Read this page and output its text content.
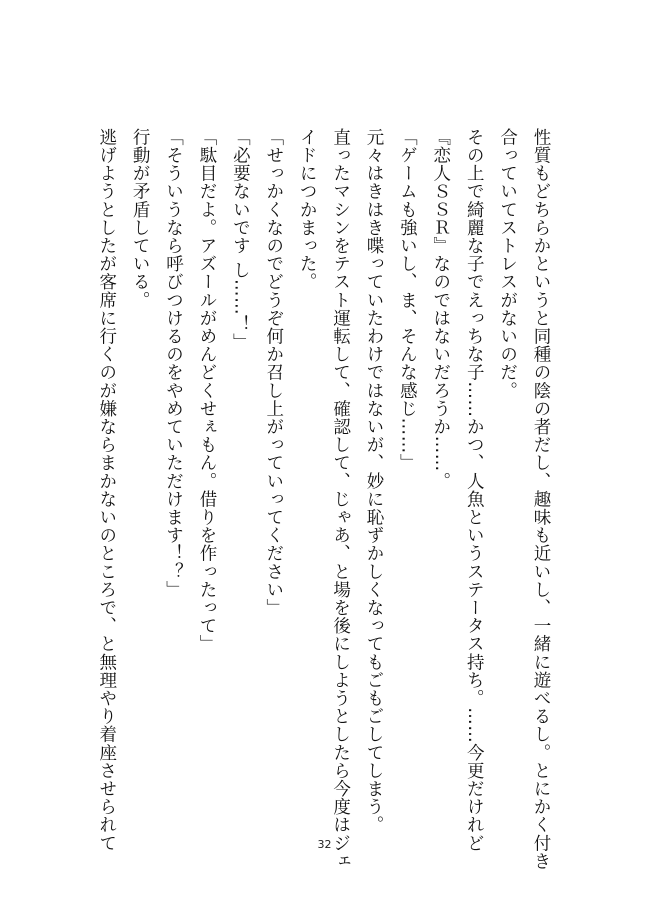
性質もどちらかというと同種の陰の者だし、趣味も近いし、一緒に遊べるし。とにかく付き
合っていてストレスがないのだ。
その上で綺麗な子でえっちな子……かつ、人魚というステータス持ち。……今更だけれど
『恋人ＳＳＲ』なのではないだろうか……。
「ゲームも強いし、ま、そんな感じ……」
元々はきはき喋っていたわけではないが、妙に恥ずかしくなってもごもごしてしまう。
直ったマシンをテスト運転して、確認して、じゃあ、と場を後にしようとしたら今度はジェ
イドにつかまった。
「せっかくなのでどうぞ何か召し上がっていってください」
「必要ないです し……！」
「駄目だよ。アズールがめんどくせぇもん。借りを作ったって」
「そういうなら呼びつけるのをやめていただけます！？」
行動が矛盾している。
逃げようとしたが客席に行くのが嫌ならまかないのところで、と無理やり着座させられて	32
